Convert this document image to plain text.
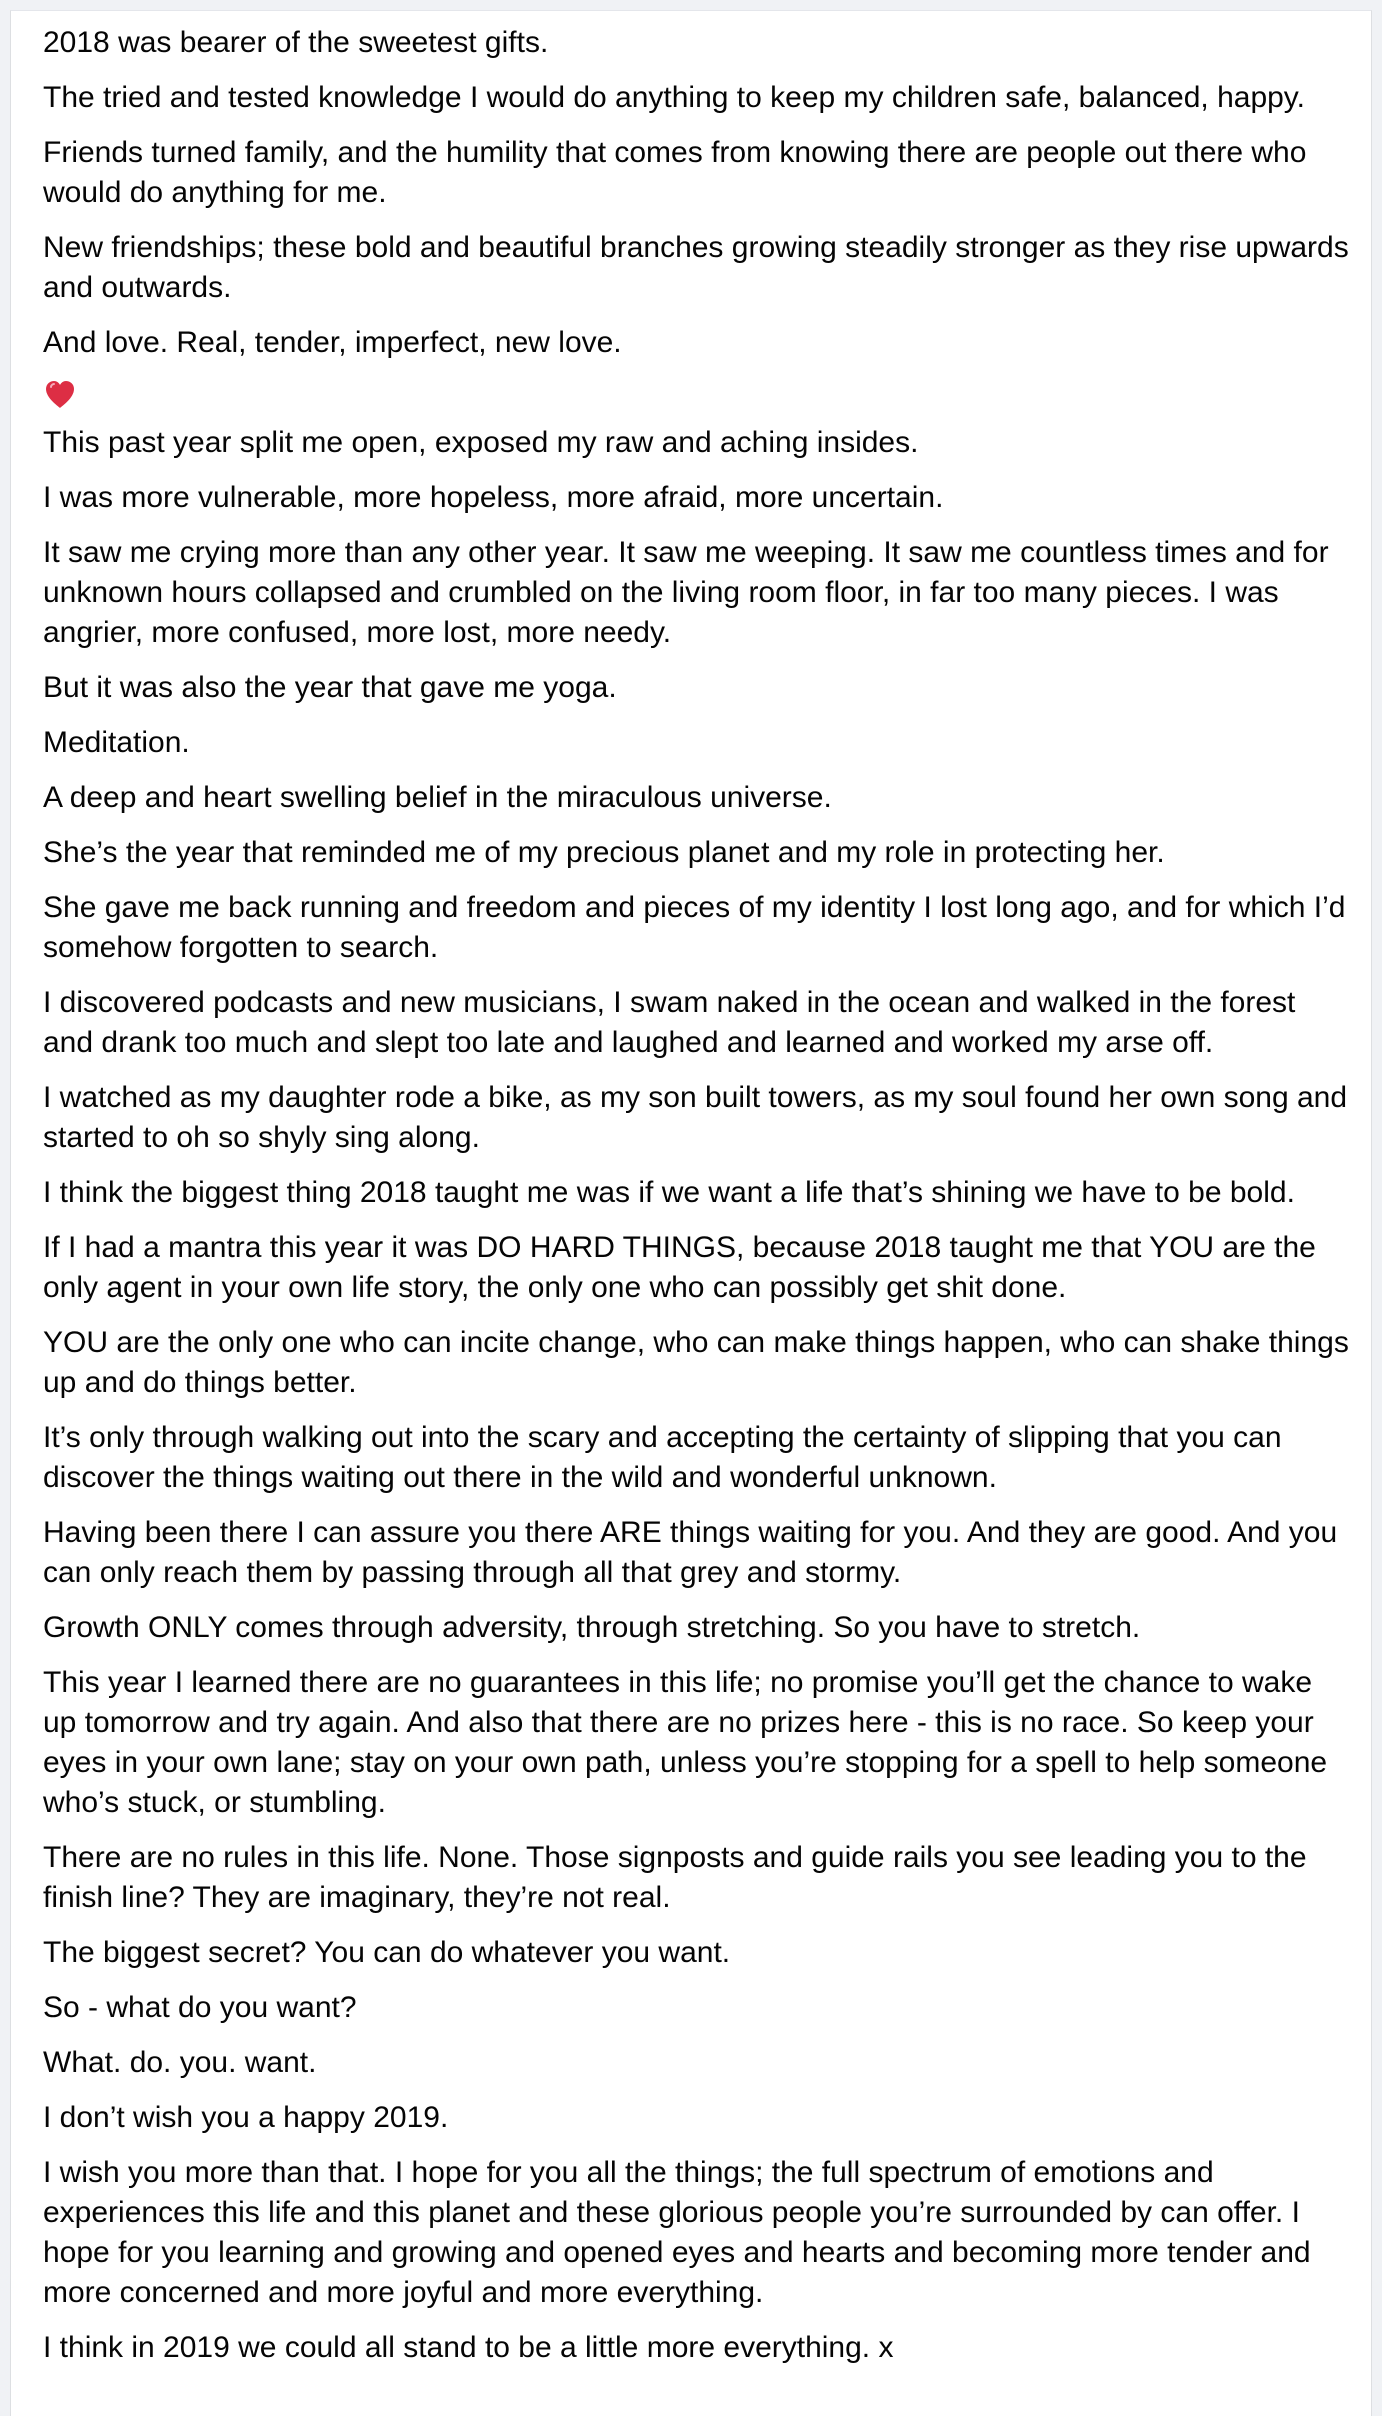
2018 was bearer of the sweetest gifts.

The tried and tested knowledge I would do anything to keep my children safe, balanced, happy.

Friends turned family, and the humility that comes from knowing there are people out there who would do anything for me.

New friendships; these bold and beautiful branches growing steadily stronger as they rise upwards and outwards.

And love. Real, tender, imperfect, new love.

This past year split me open, exposed my raw and aching insides.

I was more vulnerable, more hopeless, more afraid, more uncertain.

It saw me crying more than any other year. It saw me weeping. It saw me countless times and for unknown hours collapsed and crumbled on the living room floor, in far too many pieces. I was angrier, more confused, more lost, more needy.

But it was also the year that gave me yoga.

Meditation.

A deep and heart swelling belief in the miraculous universe.

She’s the year that reminded me of my precious planet and my role in protecting her.

She gave me back running and freedom and pieces of my identity I lost long ago, and for which I’d somehow forgotten to search.

I discovered podcasts and new musicians, I swam naked in the ocean and walked in the forest and drank too much and slept too late and laughed and learned and worked my arse off.

I watched as my daughter rode a bike, as my son built towers, as my soul found her own song and started to oh so shyly sing along.

I think the biggest thing 2018 taught me was if we want a life that’s shining we have to be bold.

If I had a mantra this year it was DO HARD THINGS, because 2018 taught me that YOU are the only agent in your own life story, the only one who can possibly get shit done.

YOU are the only one who can incite change, who can make things happen, who can shake things up and do things better.

It’s only through walking out into the scary and accepting the certainty of slipping that you can discover the things waiting out there in the wild and wonderful unknown.

Having been there I can assure you there ARE things waiting for you. And they are good. And you can only reach them by passing through all that grey and stormy.

Growth ONLY comes through adversity, through stretching. So you have to stretch.

This year I learned there are no guarantees in this life; no promise you’ll get the chance to wake up tomorrow and try again. And also that there are no prizes here - this is no race. So keep your eyes in your own lane; stay on your own path, unless you’re stopping for a spell to help someone who’s stuck, or stumbling.

There are no rules in this life. None. Those signposts and guide rails you see leading you to the finish line? They are imaginary, they’re not real.

The biggest secret? You can do whatever you want.

So - what do you want?

What. do. you. want.

I don’t wish you a happy 2019.

I wish you more than that. I hope for you all the things; the full spectrum of emotions and experiences this life and this planet and these glorious people you’re surrounded by can offer. I hope for you learning and growing and opened eyes and hearts and becoming more tender and more concerned and more joyful and more everything.

I think in 2019 we could all stand to be a little more everything. x
